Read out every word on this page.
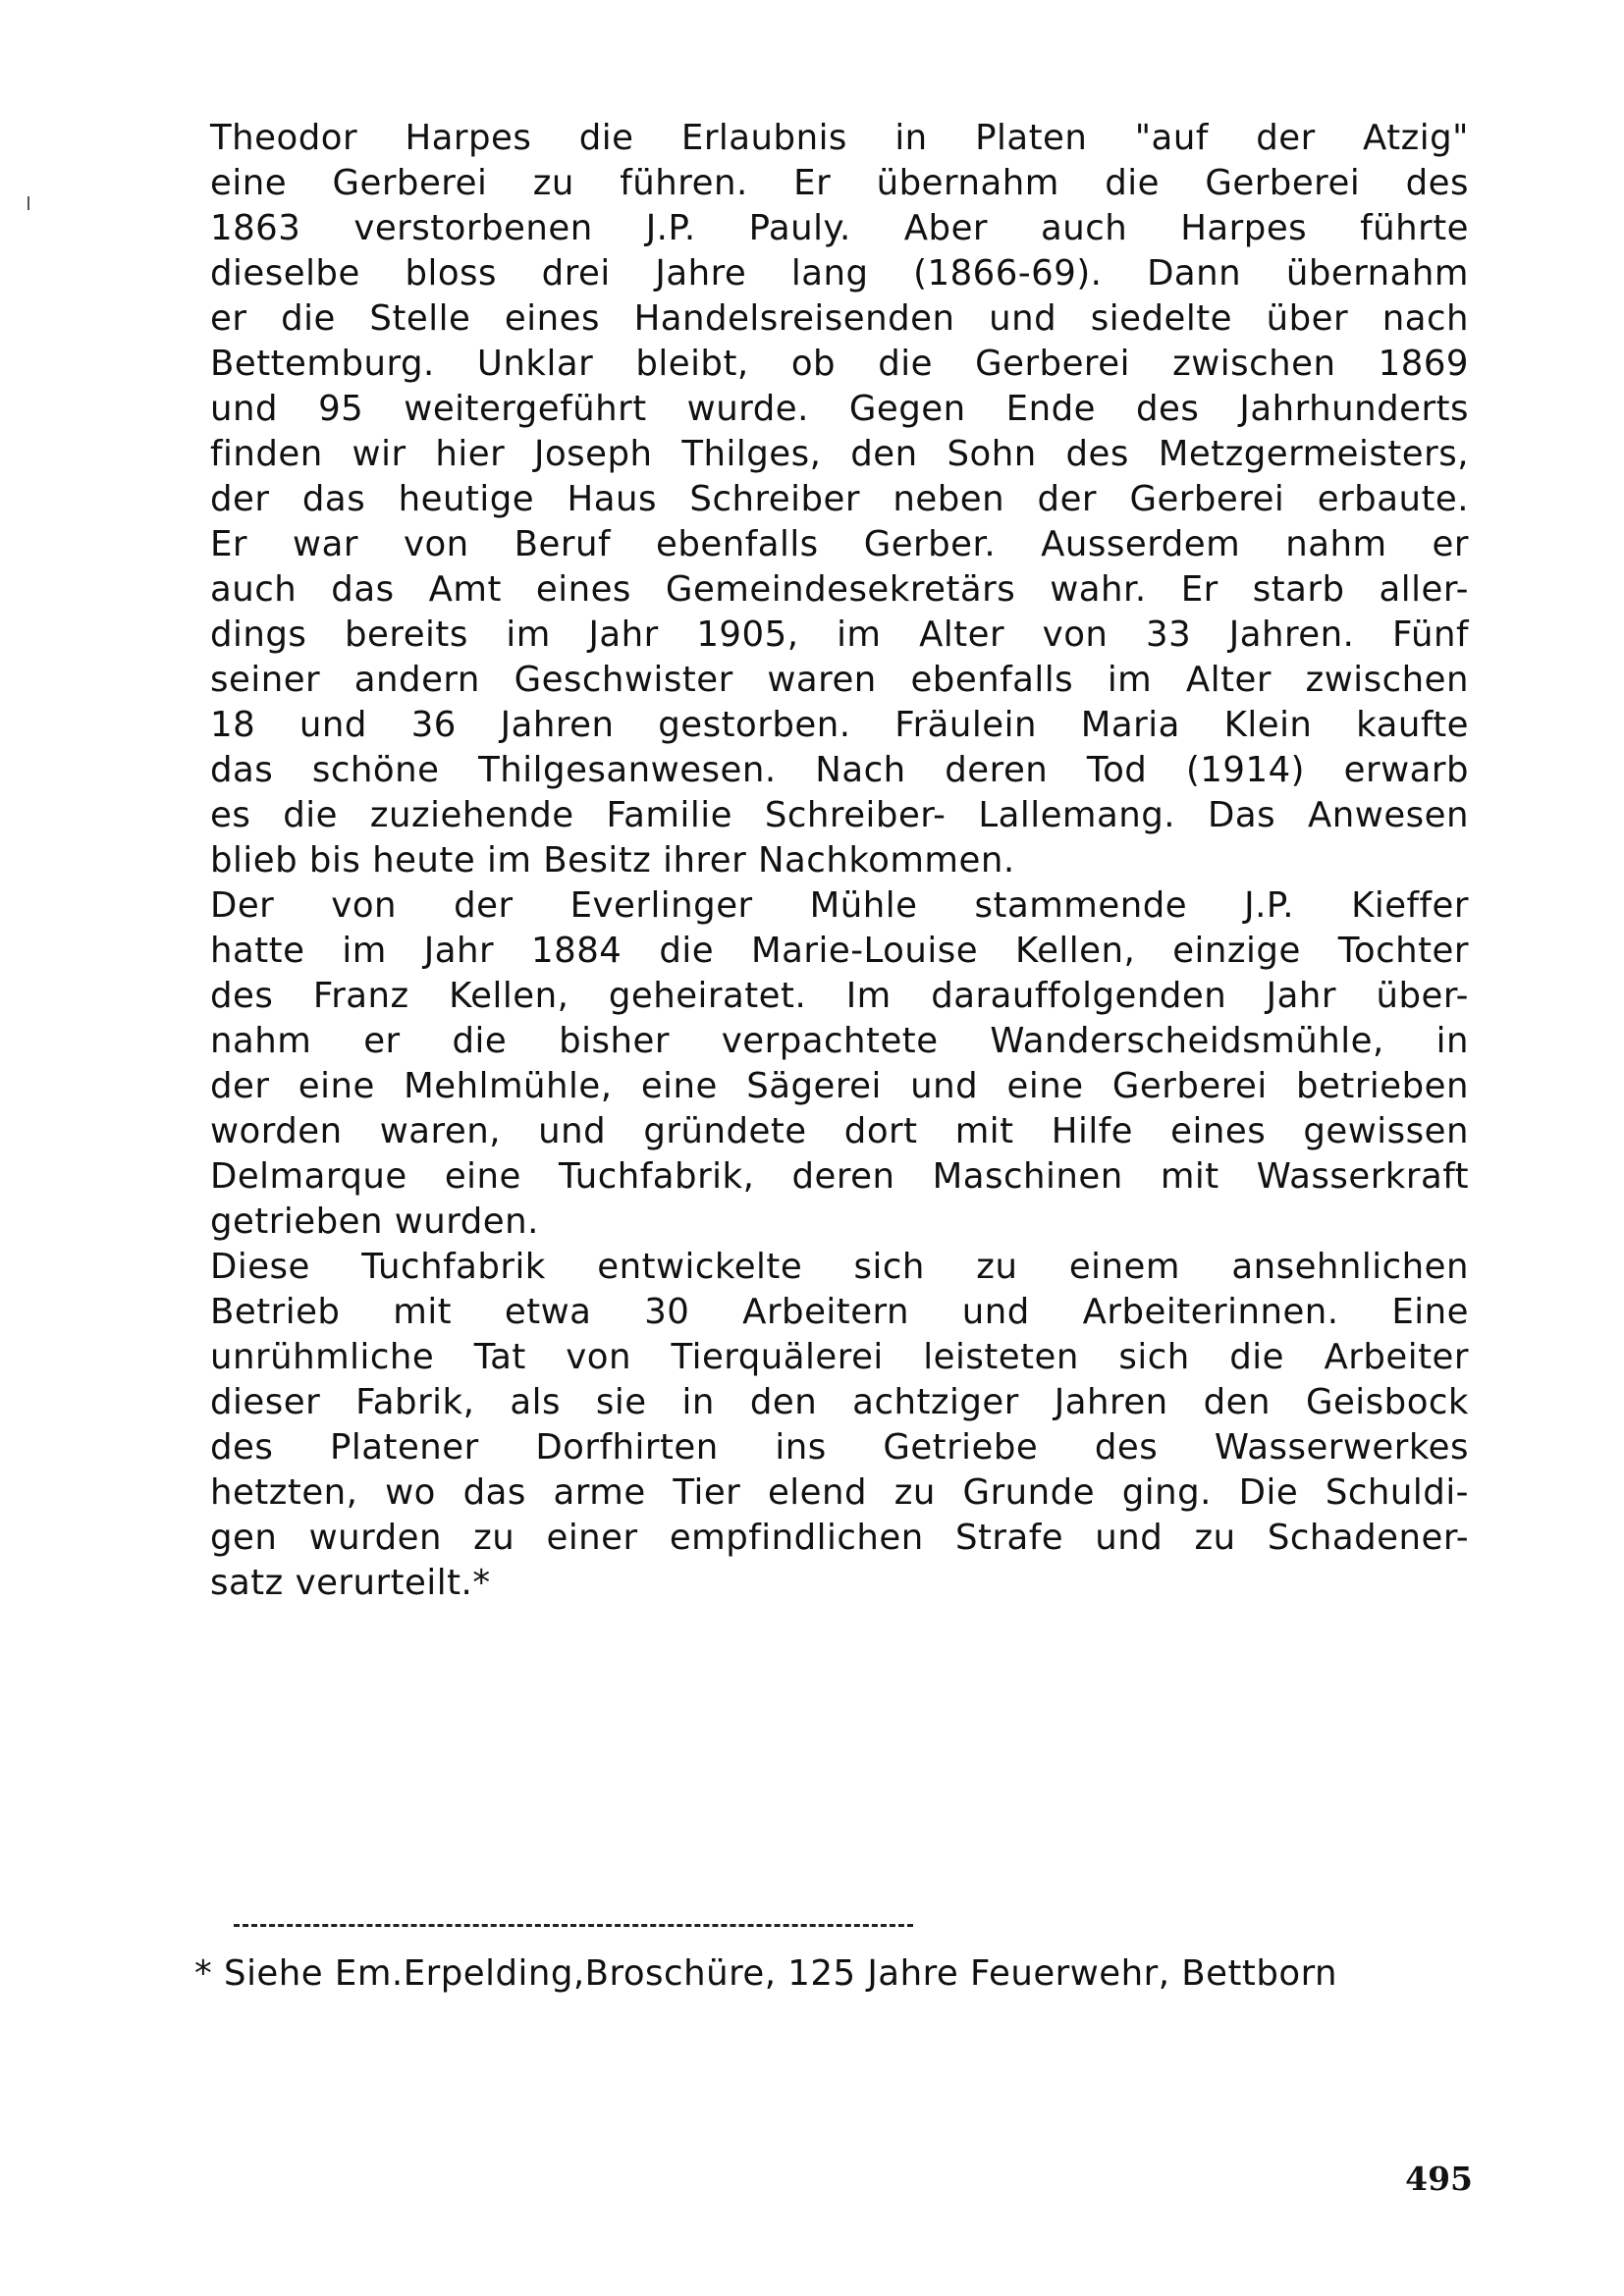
Theodor Harpes die Erlaubnis in Platen "auf der Atzig"
eine Gerberei zu führen. Er übernahm die Gerberei des
1863 verstorbenen J.P. Pauly. Aber auch Harpes führte
dieselbe bloss drei Jahre lang (1866-69). Dann übernahm
er die Stelle eines Handelsreisenden und siedelte über nach
Bettemburg. Unklar bleibt, ob die Gerberei zwischen 1869
und 95 weitergeführt wurde. Gegen Ende des Jahrhunderts
finden wir hier Joseph Thilges, den Sohn des Metzgermeisters,
der das heutige Haus Schreiber neben der Gerberei erbaute.
Er war von Beruf ebenfalls Gerber. Ausserdem nahm er
auch das Amt eines Gemeindesekretärs wahr. Er starb aller-
dings bereits im Jahr 1905, im Alter von 33 Jahren. Fünf
seiner andern Geschwister waren ebenfalls im Alter zwischen
18 und 36 Jahren gestorben. Fräulein Maria Klein kaufte
das schöne Thilgesanwesen. Nach deren Tod (1914) erwarb
es die zuziehende Familie Schreiber- Lallemang. Das Anwesen
blieb bis heute im Besitz ihrer Nachkommen.
Der von der Everlinger Mühle stammende J.P. Kieffer
hatte im Jahr 1884 die Marie-Louise Kellen, einzige Tochter
des Franz Kellen, geheiratet. Im darauffolgenden Jahr über-
nahm er die bisher verpachtete Wanderscheidsmühle, in
der eine Mehlmühle, eine Sägerei und eine Gerberei betrieben
worden waren, und gründete dort mit Hilfe eines gewissen
Delmarque eine Tuchfabrik, deren Maschinen mit Wasserkraft
getrieben wurden.
Diese Tuchfabrik entwickelte sich zu einem ansehnlichen
Betrieb mit etwa 30 Arbeitern und Arbeiterinnen. Eine
unrühmliche Tat von Tierquälerei leisteten sich die Arbeiter
dieser Fabrik, als sie in den achtziger Jahren den Geisbock
des Platener Dorfhirten ins Getriebe des Wasserwerkes
hetzten, wo das arme Tier elend zu Grunde ging. Die Schuldi-
gen wurden zu einer empfindlichen Strafe und zu Schadener-
satz verurteilt.*
* Siehe Em.Erpelding,Broschüre, 125 Jahre Feuerwehr, Bettborn
495
